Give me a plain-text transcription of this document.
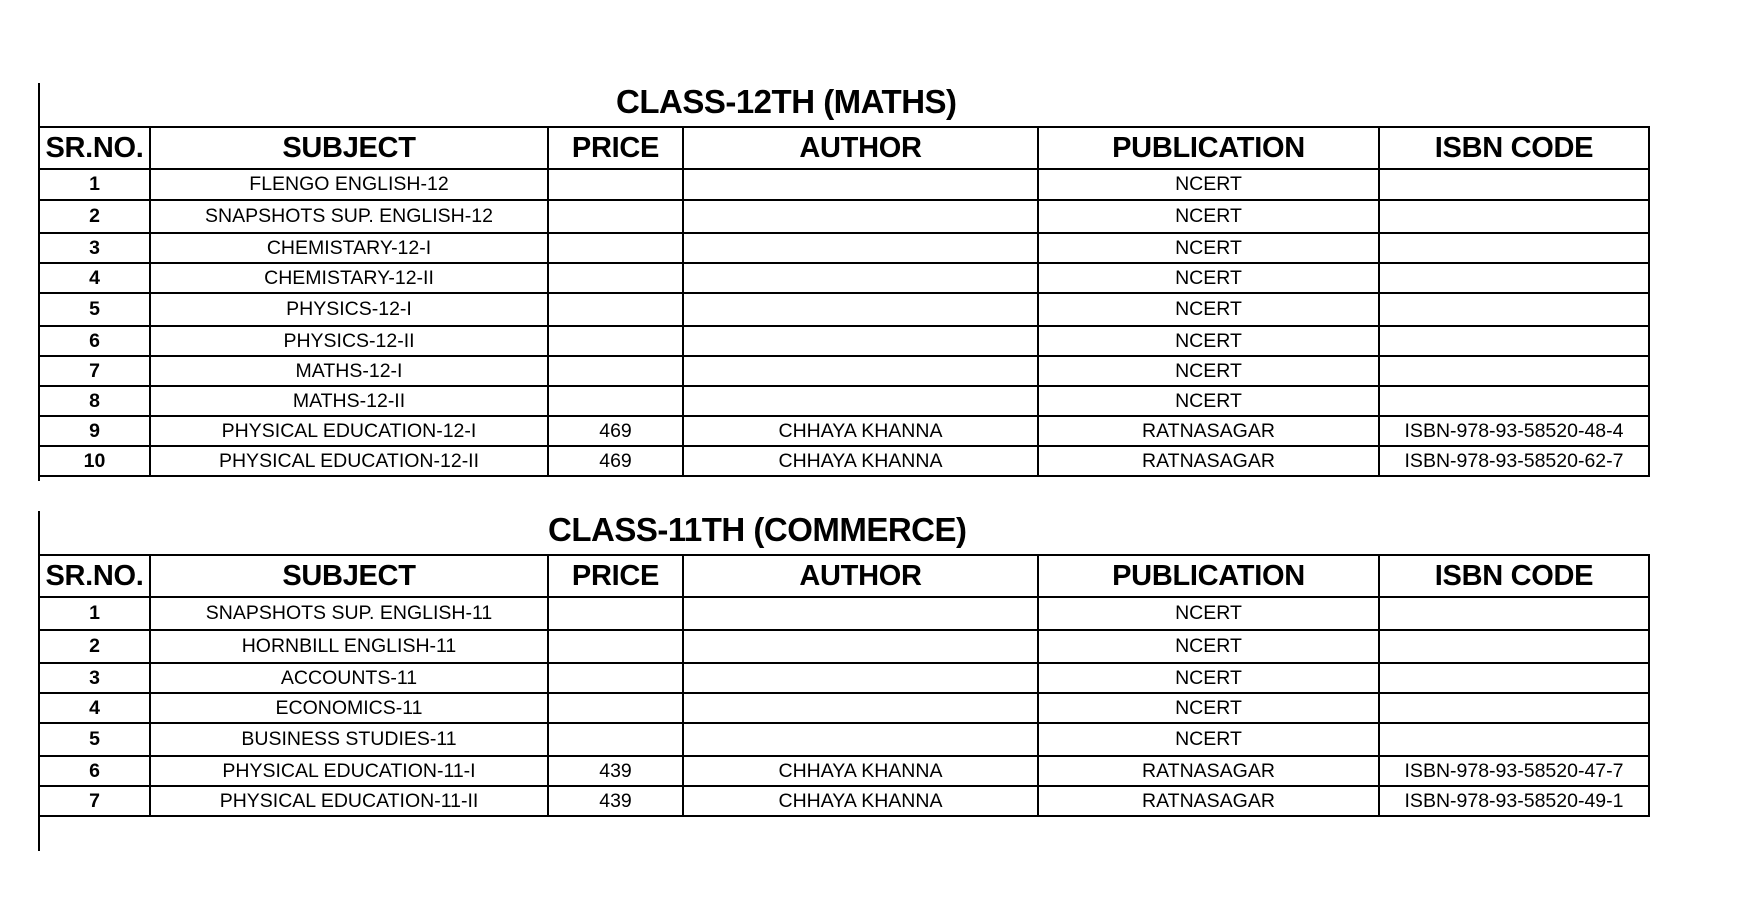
CLASS-12TH (MATHS)
SR.NO.	SUBJECT	PRICE	AUTHOR	PUBLICATION	ISBN CODE
1	FLENGO ENGLISH-12			NCERT	
2	SNAPSHOTS SUP. ENGLISH-12			NCERT	
3	CHEMISTARY-12-I			NCERT	
4	CHEMISTARY-12-II			NCERT	
5	PHYSICS-12-I			NCERT	
6	PHYSICS-12-II			NCERT	
7	MATHS-12-I			NCERT	
8	MATHS-12-II			NCERT	
9	PHYSICAL EDUCATION-12-I	469	CHHAYA KHANNA	RATNASAGAR	ISBN-978-93-58520-48-4
10	PHYSICAL EDUCATION-12-II	469	CHHAYA KHANNA	RATNASAGAR	ISBN-978-93-58520-62-7
CLASS-11TH (COMMERCE)
SR.NO.	SUBJECT	PRICE	AUTHOR	PUBLICATION	ISBN CODE
1	SNAPSHOTS SUP. ENGLISH-11			NCERT	
2	HORNBILL ENGLISH-11			NCERT	
3	ACCOUNTS-11			NCERT	
4	ECONOMICS-11			NCERT	
5	BUSINESS STUDIES-11			NCERT	
6	PHYSICAL EDUCATION-11-I	439	CHHAYA KHANNA	RATNASAGAR	ISBN-978-93-58520-47-7
7	PHYSICAL EDUCATION-11-II	439	CHHAYA KHANNA	RATNASAGAR	ISBN-978-93-58520-49-1
